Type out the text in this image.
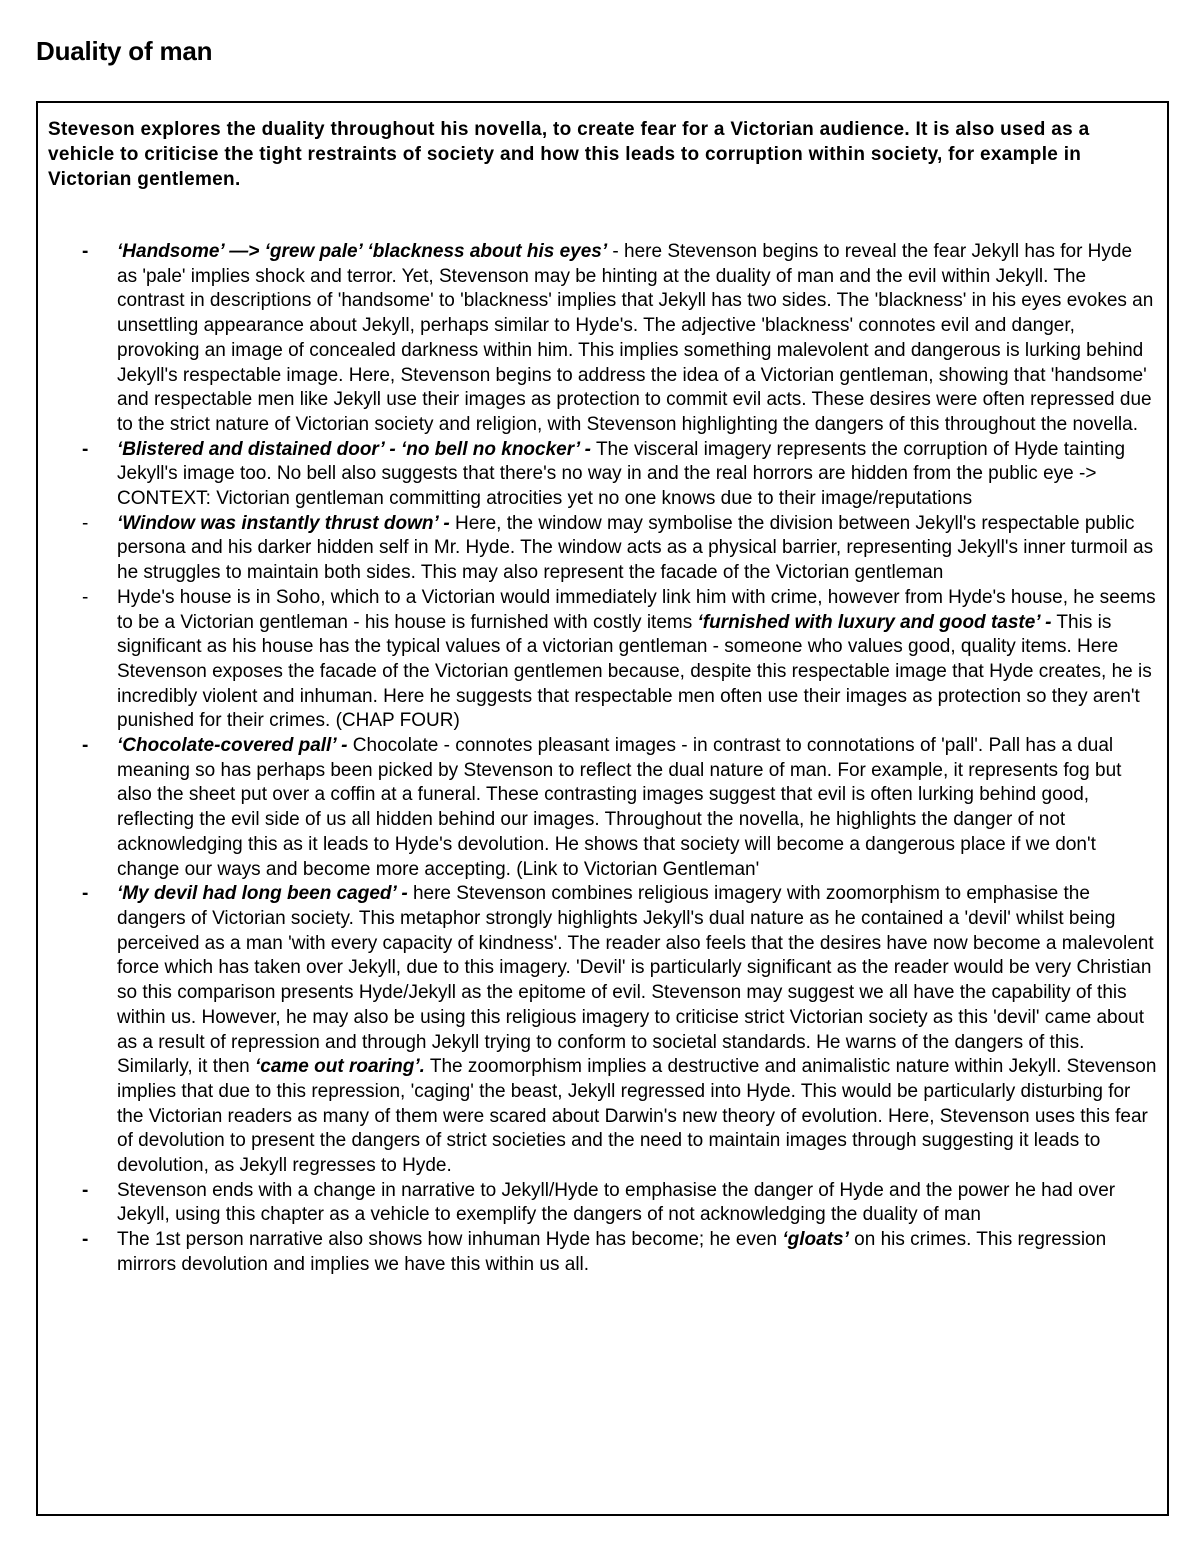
Duality of man

Steveson explores the duality throughout his novella, to create fear for a Victorian audience. It is also used as a vehicle to criticise the tight restraints of society and how this leads to corruption within society, for example in Victorian gentlemen.

- ‘Handsome’ —> ‘grew pale’ ‘blackness about his eyes’ - here Stevenson begins to reveal the fear Jekyll has for Hyde as 'pale' implies shock and terror. Yet, Stevenson may be hinting at the duality of man and the evil within Jekyll. The contrast in descriptions of 'handsome' to 'blackness' implies that Jekyll has two sides. The 'blackness' in his eyes evokes an unsettling appearance about Jekyll, perhaps similar to Hyde's. The adjective 'blackness' connotes evil and danger, provoking an image of concealed darkness within him. This implies something malevolent and dangerous is lurking behind Jekyll's respectable image. Here, Stevenson begins to address the idea of a Victorian gentleman, showing that 'handsome' and respectable men like Jekyll use their images as protection to commit evil acts. These desires were often repressed due to the strict nature of Victorian society and religion, with Stevenson highlighting the dangers of this throughout the novella.
- ‘Blistered and distained door’ - ‘no bell no knocker’ - The visceral imagery represents the corruption of Hyde tainting Jekyll's image too. No bell also suggests that there's no way in and the real horrors are hidden from the public eye -> CONTEXT: Victorian gentleman committing atrocities yet no one knows due to their image/reputations
- ‘Window was instantly thrust down’ - Here, the window may symbolise the division between Jekyll's respectable public persona and his darker hidden self in Mr. Hyde. The window acts as a physical barrier, representing Jekyll's inner turmoil as he struggles to maintain both sides. This may also represent the facade of the Victorian gentleman
- Hyde's house is in Soho, which to a Victorian would immediately link him with crime, however from Hyde's house, he seems to be a Victorian gentleman - his house is furnished with costly items ‘furnished with luxury and good taste’ - This is significant as his house has the typical values of a victorian gentleman - someone who values good, quality items. Here Stevenson exposes the facade of the Victorian gentlemen because, despite this respectable image that Hyde creates, he is incredibly violent and inhuman. Here he suggests that respectable men often use their images as protection so they aren't punished for their crimes. (CHAP FOUR)
- ‘Chocolate-covered pall’ - Chocolate - connotes pleasant images - in contrast to connotations of 'pall'. Pall has a dual meaning so has perhaps been picked by Stevenson to reflect the dual nature of man. For example, it represents fog but also the sheet put over a coffin at a funeral. These contrasting images suggest that evil is often lurking behind good, reflecting the evil side of us all hidden behind our images. Throughout the novella, he highlights the danger of not acknowledging this as it leads to Hyde's devolution. He shows that society will become a dangerous place if we don't change our ways and become more accepting. (Link to Victorian Gentleman'
- ‘My devil had long been caged’ - here Stevenson combines religious imagery with zoomorphism to emphasise the dangers of Victorian society. This metaphor strongly highlights Jekyll's dual nature as he contained a 'devil' whilst being perceived as a man 'with every capacity of kindness'. The reader also feels that the desires have now become a malevolent force which has taken over Jekyll, due to this imagery. 'Devil' is particularly significant as the reader would be very Christian so this comparison presents Hyde/Jekyll as the epitome of evil. Stevenson may suggest we all have the capability of this within us. However, he may also be using this religious imagery to criticise strict Victorian society as this 'devil' came about as a result of repression and through Jekyll trying to conform to societal standards. He warns of the dangers of this. Similarly, it then ‘came out roaring’. The zoomorphism implies a destructive and animalistic nature within Jekyll. Stevenson implies that due to this repression, 'caging' the beast, Jekyll regressed into Hyde. This would be particularly disturbing for the Victorian readers as many of them were scared about Darwin's new theory of evolution. Here, Stevenson uses this fear of devolution to present the dangers of strict societies and the need to maintain images through suggesting it leads to devolution, as Jekyll regresses to Hyde.
- Stevenson ends with a change in narrative to Jekyll/Hyde to emphasise the danger of Hyde and the power he had over Jekyll, using this chapter as a vehicle to exemplify the dangers of not acknowledging the duality of man
- The 1st person narrative also shows how inhuman Hyde has become; he even ‘gloats’ on his crimes. This regression mirrors devolution and implies we have this within us all.
